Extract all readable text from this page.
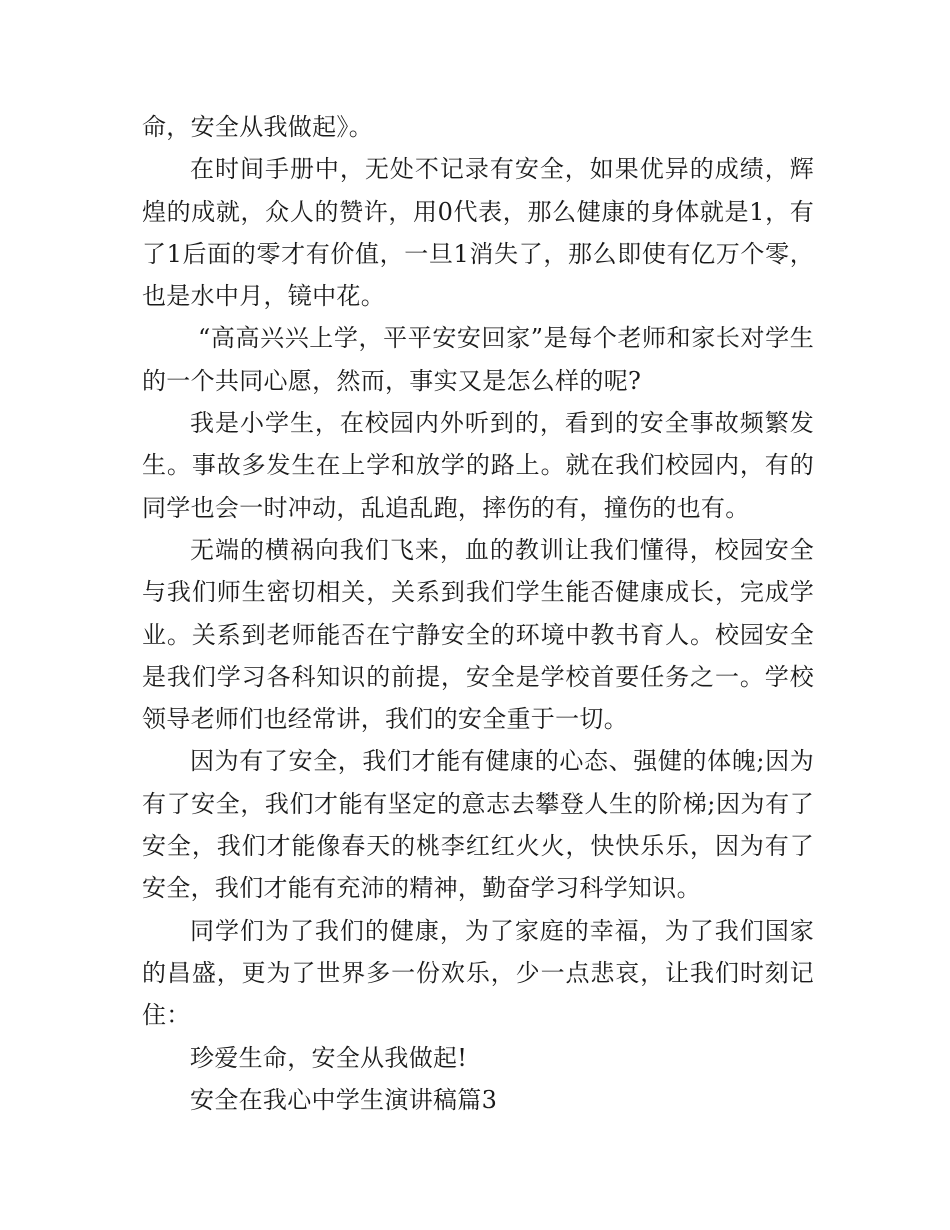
命，安全从我做起》。

在时间手册中，无处不记录有安全，如果优异的成绩，辉煌的成就，众人的赞许，用0代表，那么健康的身体就是1，有了1后面的零才有价值，一旦1消失了，那么即使有亿万个零，也是水中月，镜中花。

“高高兴兴上学，平平安安回家”是每个老师和家长对学生的一个共同心愿，然而，事实又是怎么样的呢?

我是小学生，在校园内外听到的，看到的安全事故频繁发生。事故多发生在上学和放学的路上。就在我们校园内，有的同学也会一时冲动，乱追乱跑，摔伤的有，撞伤的也有。

无端的横祸向我们飞来，血的教训让我们懂得，校园安全与我们师生密切相关，关系到我们学生能否健康成长，完成学业。关系到老师能否在宁静安全的环境中教书育人。校园安全是我们学习各科知识的前提，安全是学校首要任务之一。学校领导老师们也经常讲，我们的安全重于一切。

因为有了安全，我们才能有健康的心态、强健的体魄;因为有了安全，我们才能有坚定的意志去攀登人生的阶梯;因为有了安全，我们才能像春天的桃李红红火火，快快乐乐，因为有了安全，我们才能有充沛的精神，勤奋学习科学知识。

同学们为了我们的健康，为了家庭的幸福，为了我们国家的昌盛，更为了世界多一份欢乐，少一点悲哀，让我们时刻记住：

珍爱生命，安全从我做起!

安全在我心中学生演讲稿篇3
